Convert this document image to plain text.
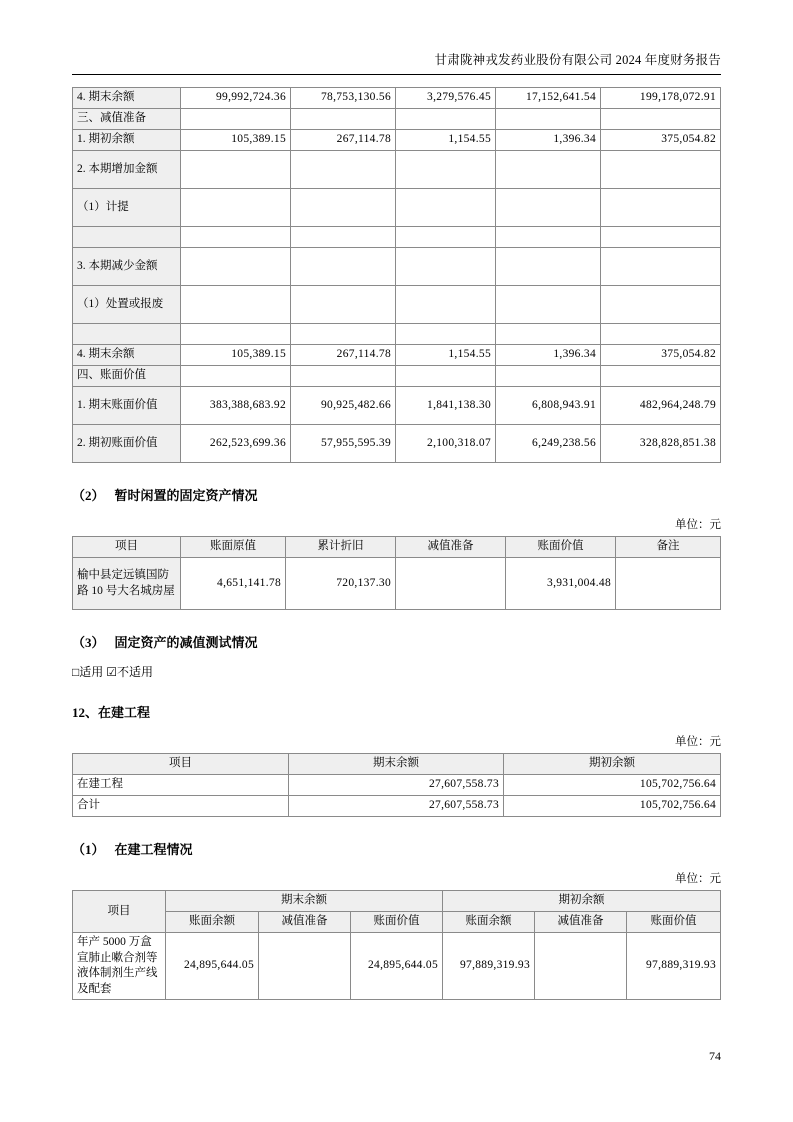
甘肃陇神戎发药业股份有限公司 2024 年度财务报告
4. 期末余额	99,992,724.36	78,753,130.56	3,279,576.45	17,152,641.54	199,178,072.91
三、减值准备					
1. 期初余额	105,389.15	267,114.78	1,154.55	1,396.34	375,054.82
2. 本期增加金额					
（1）计提					

3. 本期减少金额					
（1）处置或报废					

4. 期末余额	105,389.15	267,114.78	1,154.55	1,396.34	375,054.82
四、账面价值					
1. 期末账面价值	383,388,683.92	90,925,482.66	1,841,138.30	6,808,943.91	482,964,248.79
2. 期初账面价值	262,523,699.36	57,955,595.39	2,100,318.07	6,249,238.56	328,828,851.38
（2） 暂时闲置的固定资产情况
单位：元
项目	账面原值	累计折旧	减值准备	账面价值	备注
榆中县定远镇国防路 10 号大名城房屋	4,651,141.78	720,137.30		3,931,004.48	
（3） 固定资产的减值测试情况
□适用 ☑不适用
12、在建工程
单位：元
项目	期末余额	期初余额
在建工程	27,607,558.73	105,702,756.64
合计	27,607,558.73	105,702,756.64
（1） 在建工程情况
单位：元
项目	期末余额			期初余额		
	账面余额	减值准备	账面价值	账面余额	减值准备	账面价值
年产 5000 万盒宣肺止嗽合剂等液体制剂生产线及配套	24,895,644.05		24,895,644.05	97,889,319.93		97,889,319.93
74
